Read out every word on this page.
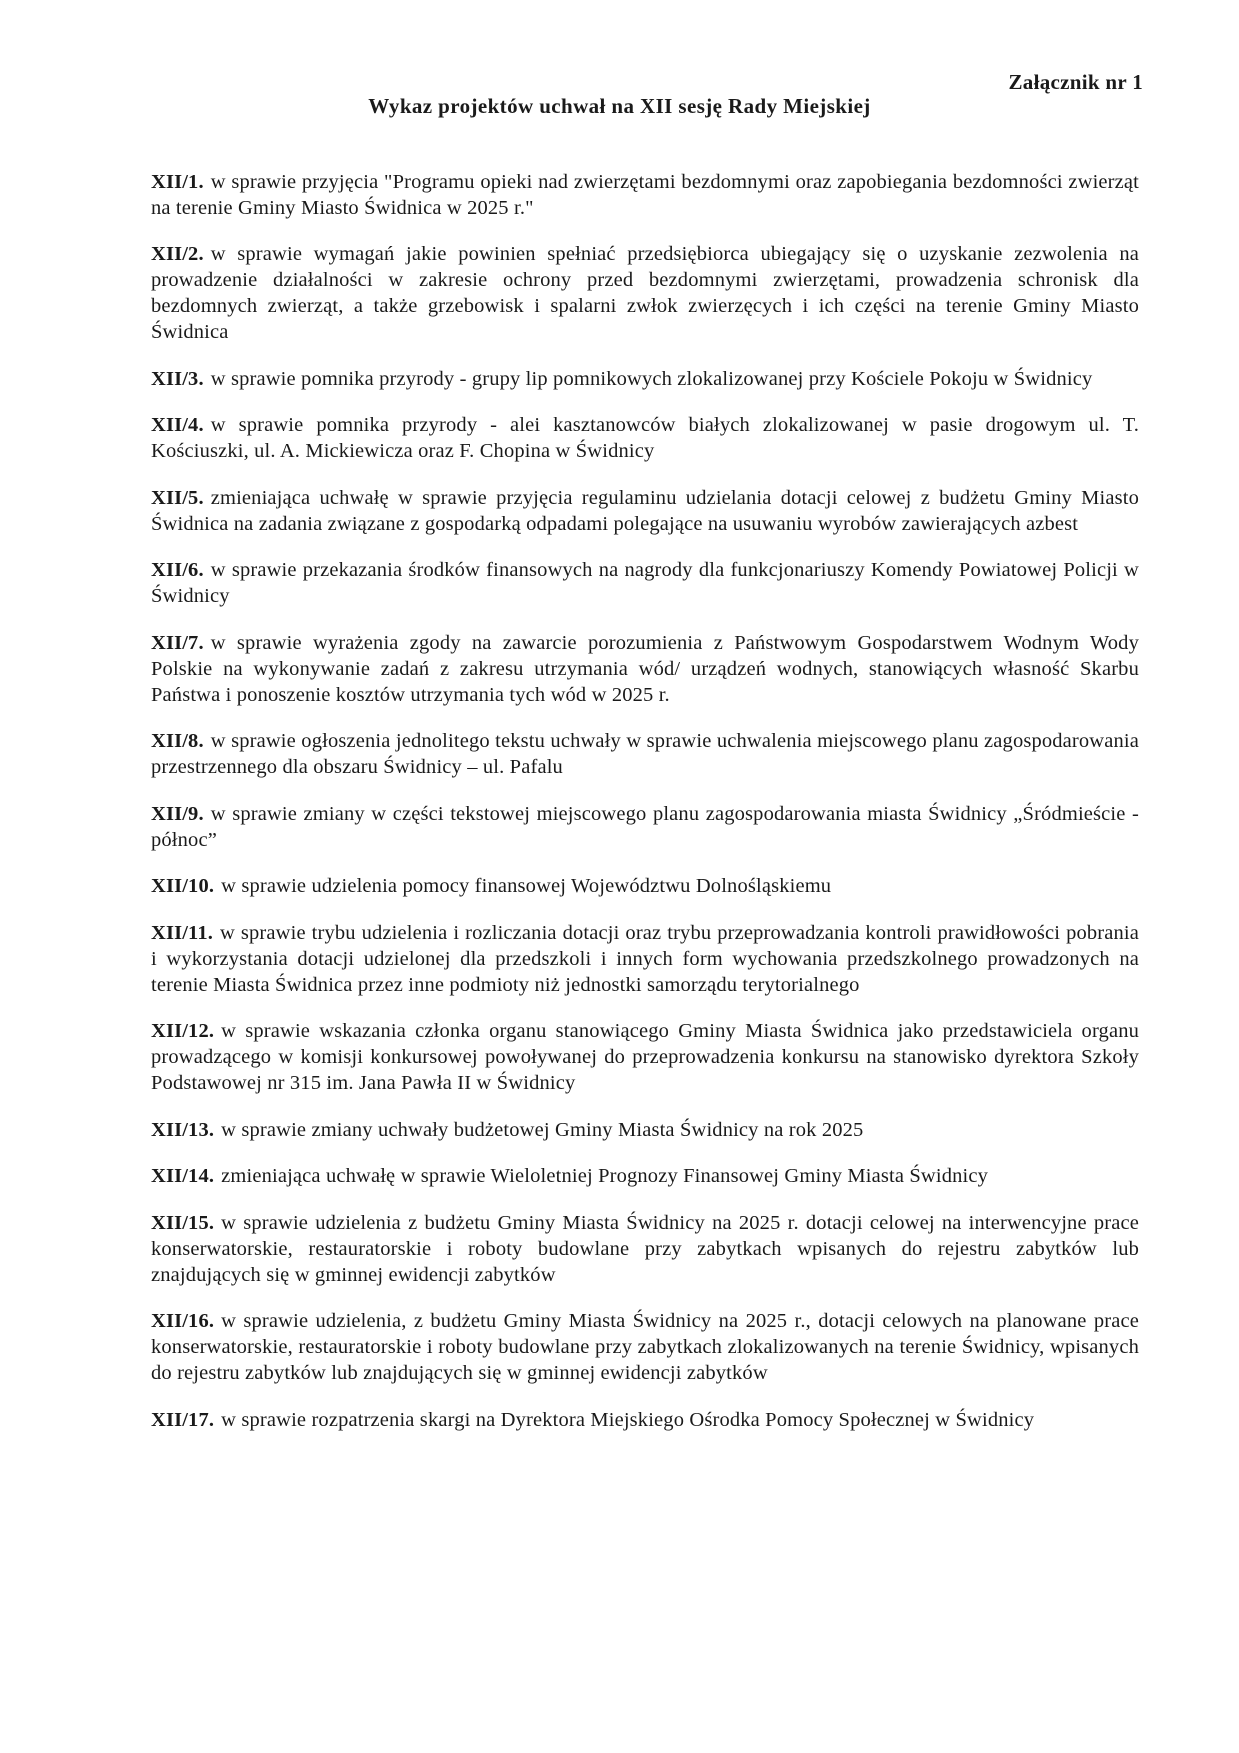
Załącznik nr 1
Wykaz projektów uchwał na XII sesję Rady Miejskiej

XII/1. w sprawie przyjęcia "Programu opieki nad zwierzętami bezdomnymi oraz zapobiegania bezdomności zwierząt na terenie Gminy Miasto Świdnica w 2025 r."

XII/2. w sprawie wymagań jakie powinien spełniać przedsiębiorca ubiegający się o uzyskanie zezwolenia na prowadzenie działalności w zakresie ochrony przed bezdomnymi zwierzętami, prowadzenia schronisk dla bezdomnych zwierząt, a także grzebowisk i spalarni zwłok zwierzęcych i ich części na terenie Gminy Miasto Świdnica

XII/3. w sprawie pomnika przyrody - grupy lip pomnikowych zlokalizowanej przy Kościele Pokoju w Świdnicy

XII/4. w sprawie pomnika przyrody - alei kasztanowców białych zlokalizowanej w pasie drogowym ul. T. Kościuszki, ul. A. Mickiewicza oraz F. Chopina w Świdnicy

XII/5. zmieniająca uchwałę w sprawie przyjęcia regulaminu udzielania dotacji celowej z budżetu Gminy Miasto Świdnica na zadania związane z gospodarką odpadami polegające na usuwaniu wyrobów zawierających azbest

XII/6. w sprawie przekazania środków finansowych na nagrody dla funkcjonariuszy Komendy Powiatowej Policji w Świdnicy

XII/7. w sprawie wyrażenia zgody na zawarcie porozumienia z Państwowym Gospodarstwem Wodnym Wody Polskie na wykonywanie zadań z zakresu utrzymania wód/ urządzeń wodnych, stanowiących własność Skarbu Państwa i ponoszenie kosztów utrzymania tych wód w 2025 r.

XII/8. w sprawie ogłoszenia jednolitego tekstu uchwały w sprawie uchwalenia miejscowego planu zagospodarowania przestrzennego dla obszaru Świdnicy – ul. Pafalu

XII/9. w sprawie zmiany w części tekstowej miejscowego planu zagospodarowania miasta Świdnicy „Śródmieście -północ”

XII/10. w sprawie udzielenia pomocy finansowej Województwu Dolnośląskiemu

XII/11. w sprawie trybu udzielenia i rozliczania dotacji oraz trybu przeprowadzania kontroli prawidłowości pobrania i wykorzystania dotacji udzielonej dla przedszkoli i innych form wychowania przedszkolnego prowadzonych na terenie Miasta Świdnica przez inne podmioty niż jednostki samorządu terytorialnego

XII/12. w sprawie wskazania członka organu stanowiącego Gminy Miasta Świdnica jako przedstawiciela organu prowadzącego w komisji konkursowej powoływanej do przeprowadzenia konkursu na stanowisko dyrektora Szkoły Podstawowej nr 315 im. Jana Pawła II w Świdnicy

XII/13. w sprawie zmiany uchwały budżetowej Gminy Miasta Świdnicy na rok 2025

XII/14. zmieniająca uchwałę w sprawie Wieloletniej Prognozy Finansowej Gminy Miasta Świdnicy

XII/15. w sprawie udzielenia z budżetu Gminy Miasta Świdnicy na 2025 r. dotacji celowej na interwencyjne prace konserwatorskie, restauratorskie i roboty budowlane przy zabytkach wpisanych do rejestru zabytków lub znajdujących się w gminnej ewidencji zabytków

XII/16. w sprawie udzielenia, z budżetu Gminy Miasta Świdnicy na 2025 r., dotacji celowych na planowane prace konserwatorskie, restauratorskie i roboty budowlane przy zabytkach zlokalizowanych na terenie Świdnicy, wpisanych do rejestru zabytków lub znajdujących się w gminnej ewidencji zabytków

XII/17. w sprawie rozpatrzenia skargi na Dyrektora Miejskiego Ośrodka Pomocy Społecznej w Świdnicy
